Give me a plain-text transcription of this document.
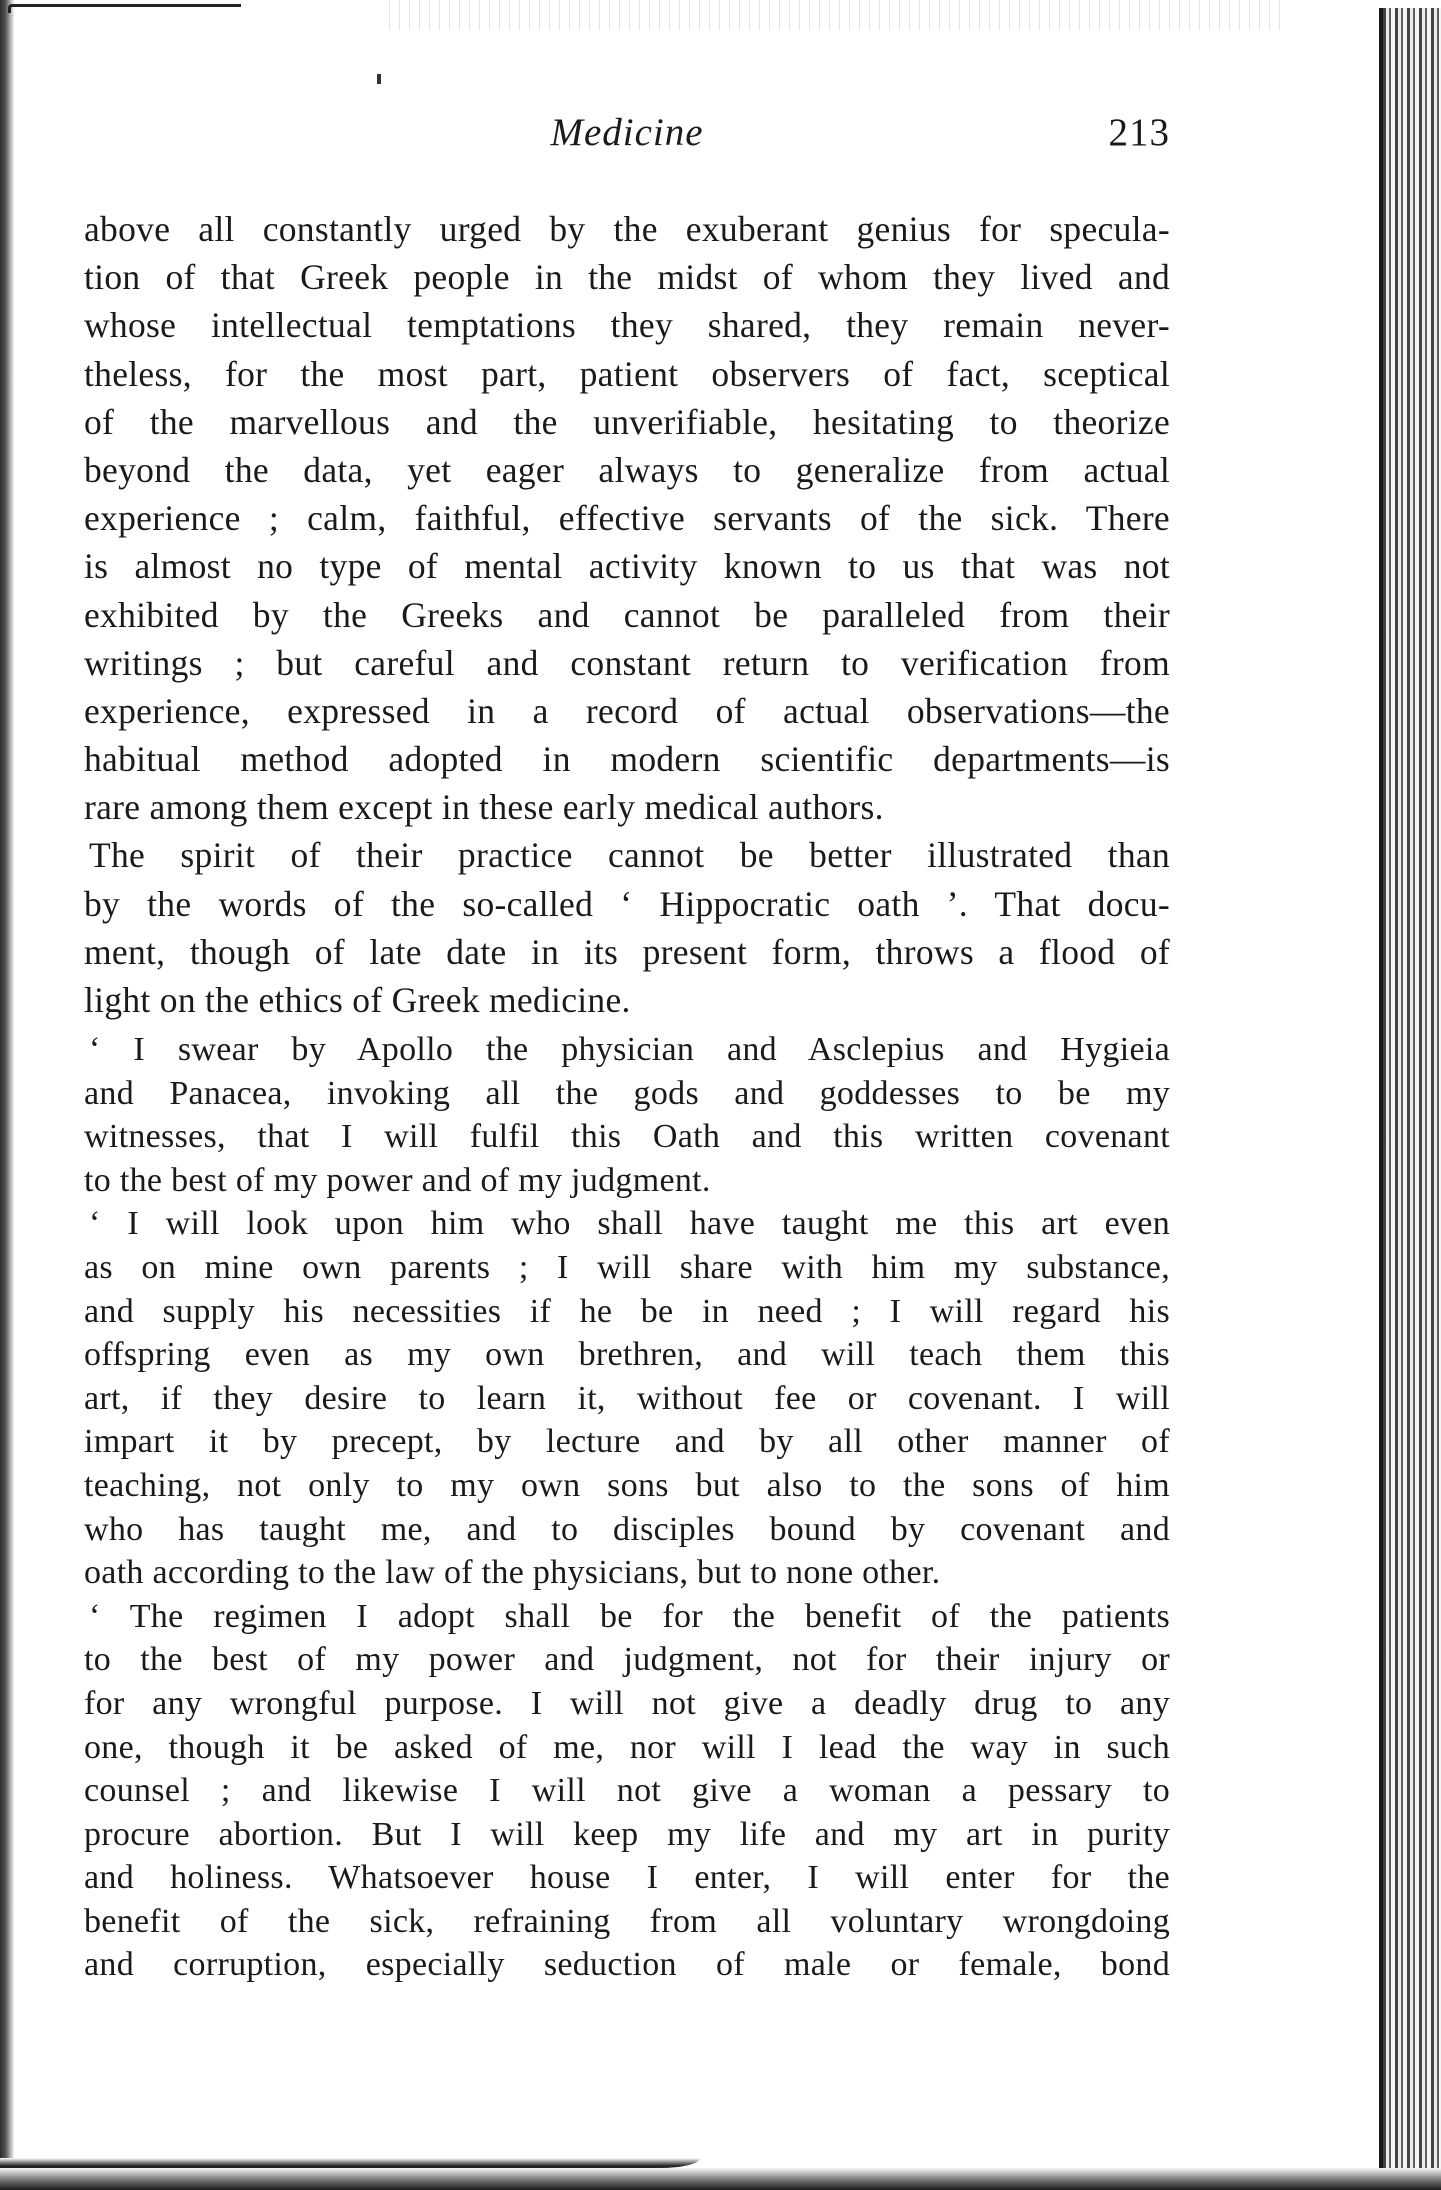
Medicine	213
above all constantly urged by the exuberant genius for specula-
tion of that Greek people in the midst of whom they lived and
whose intellectual temptations they shared, they remain never-
theless, for the most part, patient observers of fact, sceptical
of the marvellous and the unverifiable, hesitating to theorize
beyond the data, yet eager always to generalize from actual
experience ; calm, faithful, effective servants of the sick. There
is almost no type of mental activity known to us that was not
exhibited by the Greeks and cannot be paralleled from their
writings ; but careful and constant return to verification from
experience, expressed in a record of actual observations—the
habitual method adopted in modern scientific departments—is
rare among them except in these early medical authors.
The spirit of their practice cannot be better illustrated than
by the words of the so-called ‘ Hippocratic oath ’. That docu-
ment, though of late date in its present form, throws a flood of
light on the ethics of Greek medicine.
‘ I swear by Apollo the physician and Asclepius and Hygieia
and Panacea, invoking all the gods and goddesses to be my
witnesses, that I will fulfil this Oath and this written covenant
to the best of my power and of my judgment.
‘ I will look upon him who shall have taught me this art even
as on mine own parents ; I will share with him my substance,
and supply his necessities if he be in need ; I will regard his
offspring even as my own brethren, and will teach them this
art, if they desire to learn it, without fee or covenant. I will
impart it by precept, by lecture and by all other manner of
teaching, not only to my own sons but also to the sons of him
who has taught me, and to disciples bound by covenant and
oath according to the law of the physicians, but to none other.
‘ The regimen I adopt shall be for the benefit of the patients
to the best of my power and judgment, not for their injury or
for any wrongful purpose. I will not give a deadly drug to any
one, though it be asked of me, nor will I lead the way in such
counsel ; and likewise I will not give a woman a pessary to
procure abortion. But I will keep my life and my art in purity
and holiness. Whatsoever house I enter, I will enter for the
benefit of the sick, refraining from all voluntary wrongdoing
and corruption, especially seduction of male or female, bond
